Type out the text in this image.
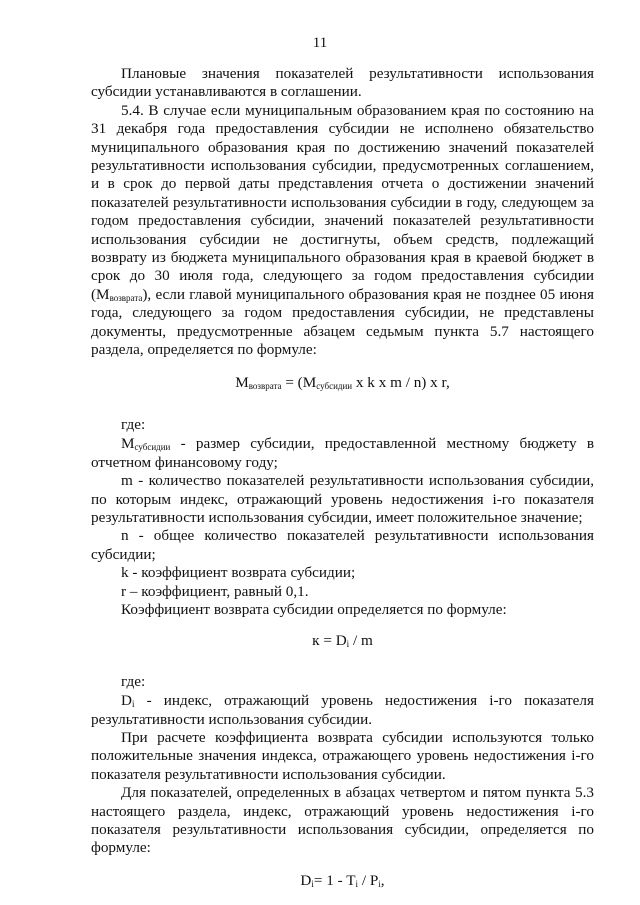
11

Плановые значения показателей результативности использования субсидии устанавливаются в соглашении.

5.4. В случае если муниципальным образованием края по состоянию на 31 декабря года предоставления субсидии не исполнено обязательство муниципального образования края по достижению значений показателей результативности использования субсидии, предусмотренных соглашением, и в срок до первой даты представления отчета о достижении значений показателей результативности использования субсидии в году, следующем за годом предоставления субсидии, значений показателей результативности использования субсидии не достигнуты, объем средств, подлежащий возврату из бюджета муниципального образования края в краевой бюджет в срок до 30 июля года, следующего за годом предоставления субсидии $(M_{возврата})$, если главой муниципального образования края не позднее 05 июня года, следующего за годом предоставления субсидии, не представлены документы, предусмотренные абзацем седьмым пункта 5.7 настоящего раздела, определяется по формуле:

$M_{возврата} = (M_{субсидии}$ x k x m / n) x r,

где:

$M_{субсидии}$ - размер субсидии, предоставленной местному бюджету в отчетном финансовому году;

m - количество показателей результативности использования субсидии, по которым индекс, отражающий уровень недостижения i-го показателя результативности использования субсидии, имеет положительное значение;

n - общее количество показателей результативности использования субсидии;

k - коэффициент возврата субсидии;

r – коэффициент, равный 0,1.

Коэффициент возврата субсидии определяется по формуле:

$к = D_i / m$

где:

$D_i$ - индекс, отражающий уровень недостижения i-го показателя результативности использования субсидии.

При расчете коэффициента возврата субсидии используются только положительные значения индекса, отражающего уровень недостижения i-го показателя результативности использования субсидии.

Для показателей, определенных в абзацах четвертом и пятом пункта 5.3 настоящего раздела, индекс, отражающий уровень недостижения i-го показателя результативности использования субсидии, определяется по формуле:

$D_i= 1 - T_i / P_i$,
